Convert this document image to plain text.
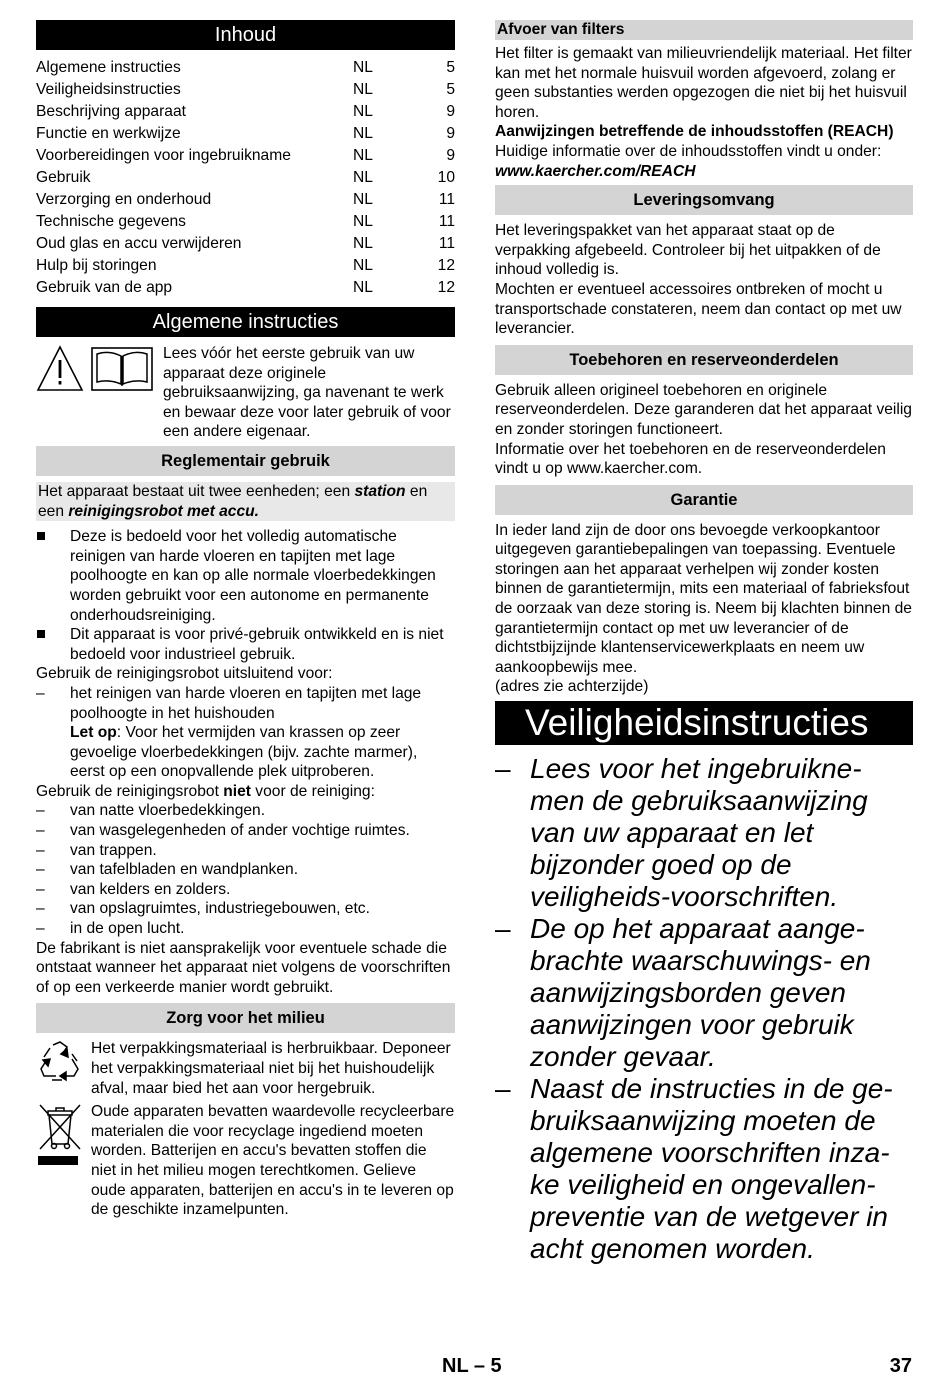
Inhoud
Algemene instructies	NL	5
Veiligheidsinstructies	NL	5
Beschrijving apparaat	NL	9
Functie en werkwijze	NL	9
Voorbereidingen voor ingebruikname	NL	9
Gebruik	NL	10
Verzorging en onderhoud	NL	11
Technische gegevens	NL	11
Oud glas en accu verwijderen	NL	11
Hulp bij storingen	NL	12
Gebruik van de app	NL	12
Algemene instructies

Lees vóór het eerste gebruik van uw apparaat deze originele gebruiksaanwijzing, ga navenant te werk en bewaar deze voor later gebruik of voor een andere eigenaar.

Reglementair gebruik

Het apparaat bestaat uit twee eenheden; een station en een reinigingsrobot met accu.

Deze is bedoeld voor het volledig automatische reinigen van harde vloeren en tapijten met lage poolhoogte en kan op alle normale vloerbedekkingen worden gebruikt voor een autonome en permanente onderhoudsreiniging.
Dit apparaat is voor privé-gebruik ontwikkeld en is niet bedoeld voor industrieel gebruik.

Gebruik de reinigingsrobot uitsluitend voor:

–	het reinigen van harde vloeren en tapijten met lage poolhoogte in het huishouden
Let op: Voor het vermijden van krassen op zeer gevoelige vloerbedekkingen (bijv. zachte marmer), eerst op een onopvallende plek uitproberen.

Gebruik de reinigingsrobot niet voor de reiniging:

–	van natte vloerbedekkingen.
–	van wasgelegenheden of ander vochtige ruimtes.
–	van trappen.
–	van tafelbladen en wandplanken.
–	van kelders en zolders.
–	van opslagruimtes, industriegebouwen, etc.
–	in de open lucht.

De fabrikant is niet aansprakelijk voor eventuele schade die ontstaat wanneer het apparaat niet volgens de voorschriften of op een verkeerde manier wordt gebruikt.

Zorg voor het milieu

Het verpakkingsmateriaal is herbruikbaar. Deponeer het verpakkingsmateriaal niet bij het huishoudelijk afval, maar bied het aan voor hergebruik.

Oude apparaten bevatten waardevolle recycleerbare materialen die voor recyclage ingediend moeten worden. Batterijen en accu's bevatten stoffen die niet in het milieu mogen terechtkomen. Gelieve oude apparaten, batterijen en accu's in te leveren op de geschikte inzamelpunten.

Afvoer van filters

Het filter is gemaakt van milieuvriendelijk materiaal. Het filter kan met het normale huisvuil worden afgevoerd, zolang er geen substanties werden opgezogen die niet bij het huisvuil horen.

Aanwijzingen betreffende de inhoudsstoffen (REACH)

Huidige informatie over de inhoudsstoffen vindt u onder:

www.kaercher.com/REACH

Leveringsomvang

Het leveringspakket van het apparaat staat op de verpakking afgebeeld. Controleer bij het uitpakken of de inhoud volledig is.

Mochten er eventueel accessoires ontbreken of mocht u transportschade constateren, neem dan contact op met uw leverancier.

Toebehoren en reserveonderdelen

Gebruik alleen origineel toebehoren en originele reserveonderdelen. Deze garanderen dat het apparaat veilig en zonder storingen functioneert.

Informatie over het toebehoren en de reserveonderdelen vindt u op www.kaercher.com.

Garantie

In ieder land zijn de door ons bevoegde verkoopkantoor uitgegeven garantiebepalingen van toepassing. Eventuele storingen aan het apparaat verhelpen wij zonder kosten binnen de garantietermijn, mits een materiaal of fabrieksfout de oorzaak van deze storing is. Neem bij klachten binnen de garantietermijn contact op met uw leverancier of de dichtstbijzijnde klantenservicewerkplaats en neem uw aankoopbewijs mee.

(adres zie achterzijde)

Veiligheidsinstructies
– Lees voor het ingebruikne-men de gebruiksaanwijzing van uw apparaat en let bijzonder goed op de veiligheids-voorschriften.
– De op het apparaat aange-brachte waarschuwings- en aanwijzingsborden geven aanwijzingen voor gebruik zonder gevaar.
– Naast de instructies in de ge-bruiksaanwijzing moeten de algemene voorschriften inza-ke veiligheid en ongevallen-preventie van de wetgever in acht genomen worden.
NL – 5	37
